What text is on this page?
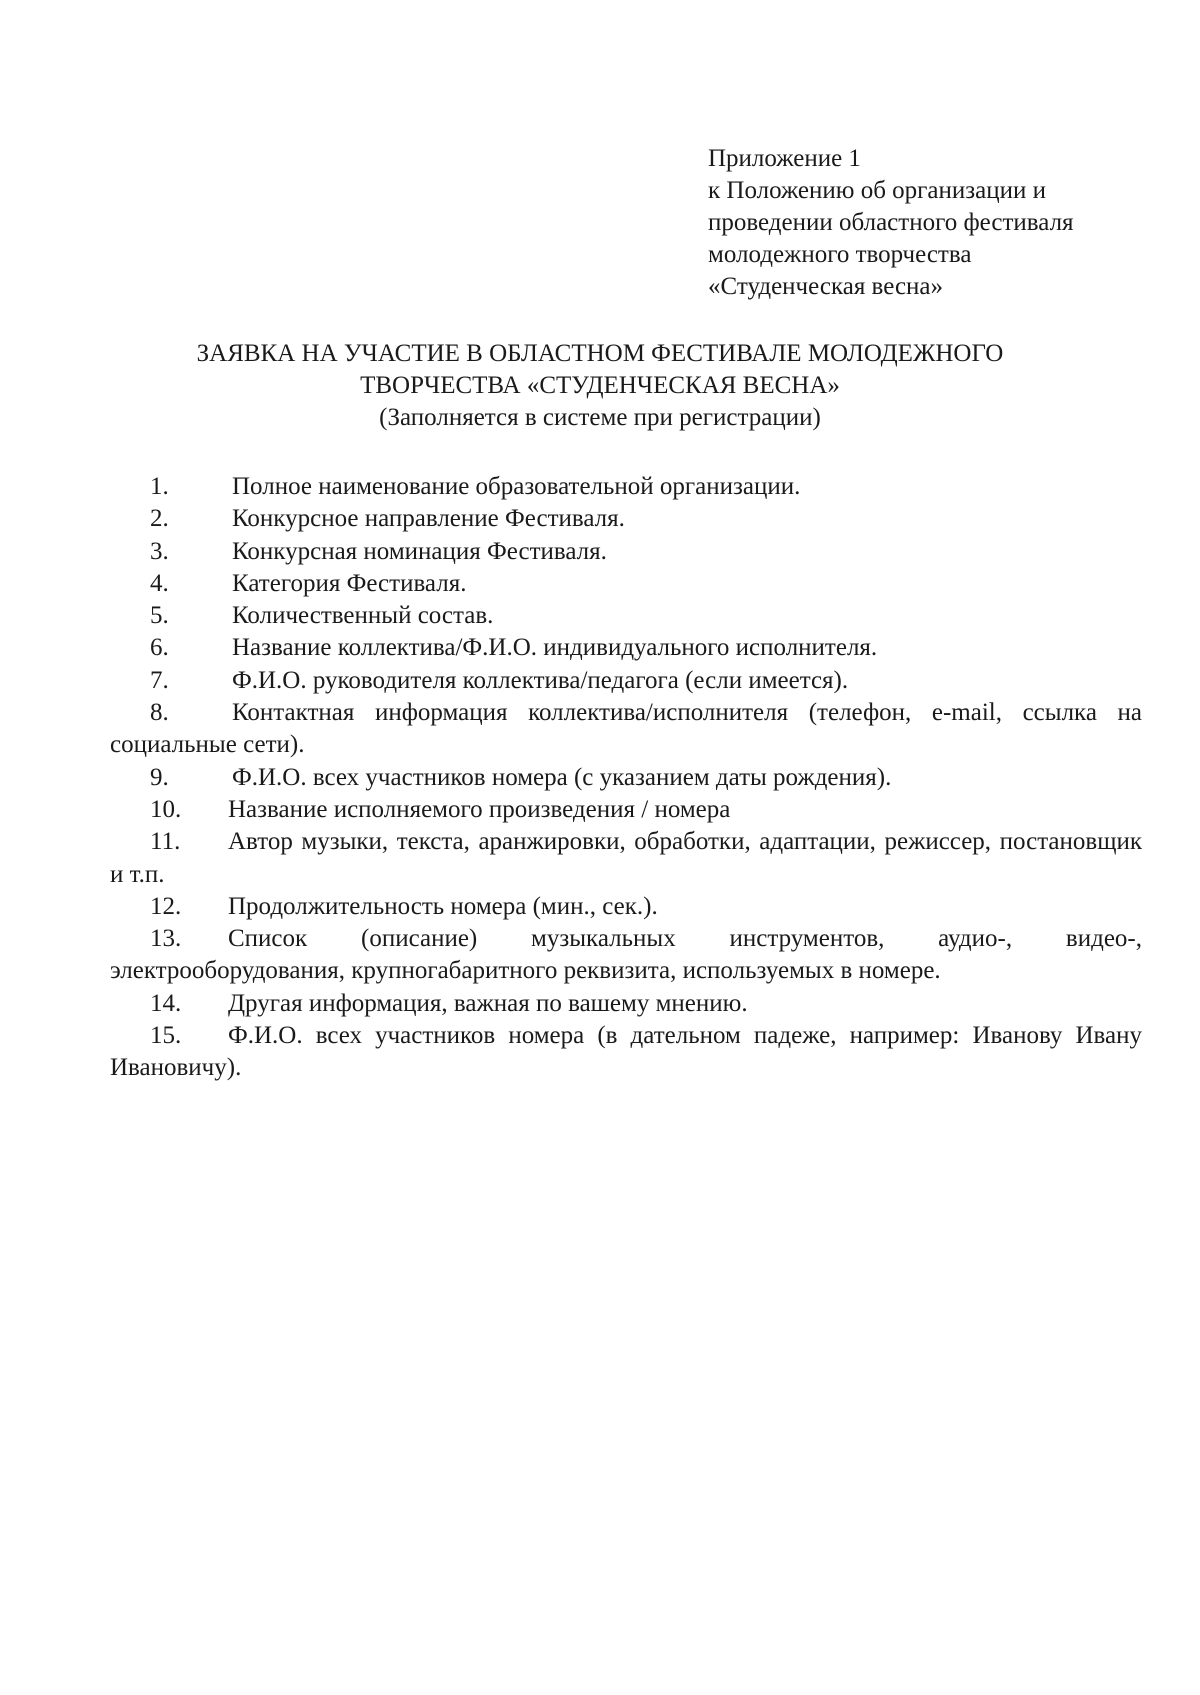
Приложение 1
к Положению об организации и
проведении областного фестиваля
молодежного творчества
«Студенческая весна»
ЗАЯВКА НА УЧАСТИЕ В ОБЛАСТНОМ ФЕСТИВАЛЕ МОЛОДЕЖНОГО
ТВОРЧЕСТВА «СТУДЕНЧЕСКАЯ ВЕСНА»
(Заполняется в системе при регистрации)

1.	Полное наименование образовательной организации.

2.	Конкурсное направление Фестиваля.

3.	Конкурсная номинация Фестиваля.

4.	Категория Фестиваля.

5.	Количественный состав.

6.	Название коллектива/Ф.И.О. индивидуального исполнителя.

7.	Ф.И.О. руководителя коллектива/педагога (если имеется).

8.	Контактная информация коллектива/исполнителя (телефон, e-mail, ссылка на социальные сети).

9.	Ф.И.О. всех участников номера (с указанием даты рождения).

10. Название исполняемого произведения / номера

11. Автор музыки, текста, аранжировки, обработки, адаптации, режиссер, постановщик и т.п.

12. Продолжительность номера (мин., сек.).

13. Список (описание) музыкальных инструментов, аудио-, видео-, электрооборудования, крупногабаритного реквизита, используемых в номере.

14. Другая информация, важная по вашему мнению.

15. Ф.И.О. всех участников номера (в дательном падеже, например: Иванову Ивану Ивановичу).
